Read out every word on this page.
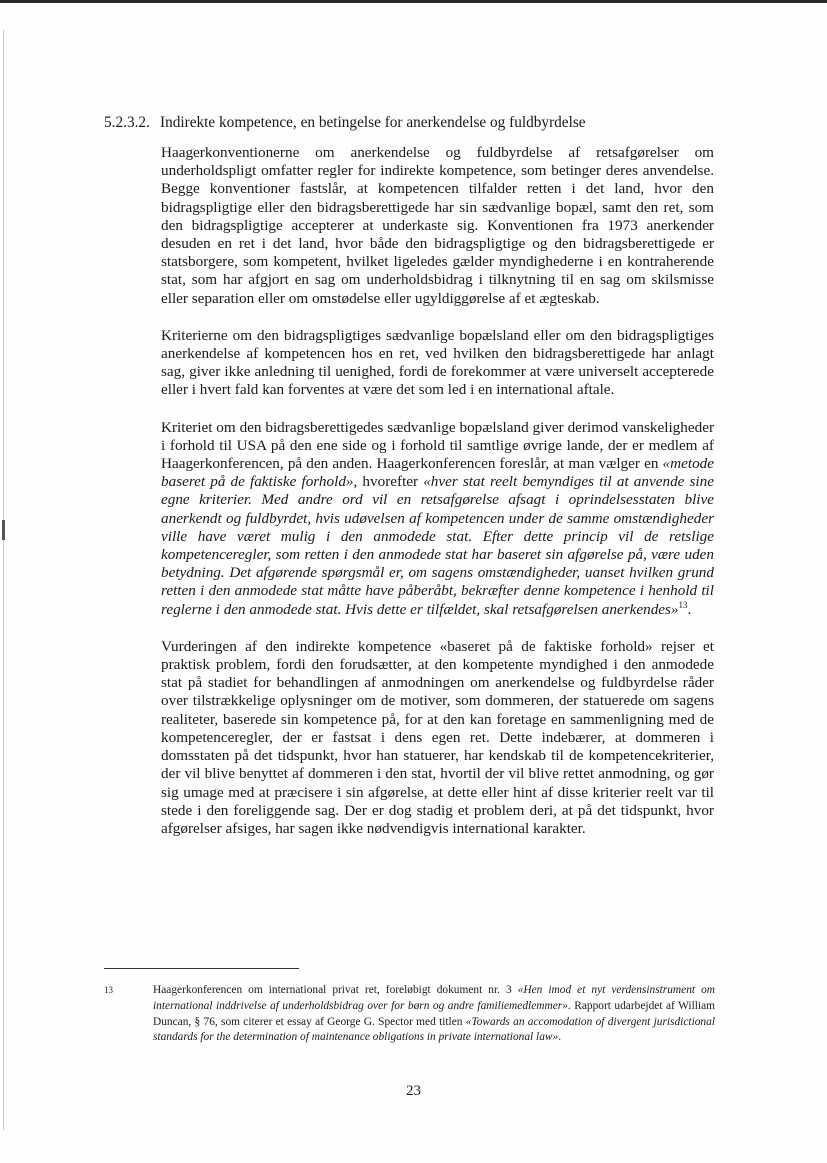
5.2.3.2. Indirekte kompetence, en betingelse for anerkendelse og fuldbyrdelse

Haagerkonventionerne om anerkendelse og fuldbyrdelse af retsafgørelser om underholdspligt omfatter regler for indirekte kompetence, som betinger deres anvendelse. Begge konventioner fastslår, at kompetencen tilfalder retten i det land, hvor den bidragspligtige eller den bidragsberettigede har sin sædvanlige bopæl, samt den ret, som den bidragspligtige accepterer at underkaste sig. Konventionen fra 1973 anerkender desuden en ret i det land, hvor både den bidragspligtige og den bidragsberettigede er statsborgere, som kompetent, hvilket ligeledes gælder myndighederne i en kontraherende stat, som har afgjort en sag om underholdsbidrag i tilknytning til en sag om skilsmisse eller separation eller om omstødelse eller ugyldiggørelse af et ægteskab.

Kriterierne om den bidragspligtiges sædvanlige bopælsland eller om den bidragspligtiges anerkendelse af kompetencen hos en ret, ved hvilken den bidragsberettigede har anlagt sag, giver ikke anledning til uenighed, fordi de forekommer at være universelt accepterede eller i hvert fald kan forventes at være det som led i en international aftale.

Kriteriet om den bidragsberettigedes sædvanlige bopælsland giver derimod vanskeligheder i forhold til USA på den ene side og i forhold til samtlige øvrige lande, der er medlem af Haagerkonferencen, på den anden. Haagerkonferencen foreslår, at man vælger en «metode baseret på de faktiske forhold», hvorefter «hver stat reelt bemyndiges til at anvende sine egne kriterier. Med andre ord vil en retsafgørelse afsagt i oprindelsesstaten blive anerkendt og fuldbyrdet, hvis udøvelsen af kompetencen under de samme omstændigheder ville have været mulig i den anmodede stat. Efter dette princip vil de retslige kompetenceregler, som retten i den anmodede stat har baseret sin afgørelse på, være uden betydning. Det afgørende spørgsmål er, om sagens omstændigheder, uanset hvilken grund retten i den anmodede stat måtte have påberåbt, bekræfter denne kompetence i henhold til reglerne i den anmodede stat. Hvis dette er tilfældet, skal retsafgørelsen anerkendes»$^{13}$.

Vurderingen af den indirekte kompetence «baseret på de faktiske forhold» rejser et praktisk problem, fordi den forudsætter, at den kompetente myndighed i den anmodede stat på stadiet for behandlingen af anmodningen om anerkendelse og fuldbyrdelse råder over tilstrækkelige oplysninger om de motiver, som dommeren, der statuerede om sagens realiteter, baserede sin kompetence på, for at den kan foretage en sammenligning med de kompetenceregler, der er fastsat i dens egen ret. Dette indebærer, at dommeren i domsstaten på det tidspunkt, hvor han statuerer, har kendskab til de kompetencekriterier, der vil blive benyttet af dommeren i den stat, hvortil der vil blive rettet anmodning, og gør sig umage med at præcisere i sin afgørelse, at dette eller hint af disse kriterier reelt var til stede i den foreliggende sag. Der er dog stadig et problem deri, at på det tidspunkt, hvor afgørelser afsiges, har sagen ikke nødvendigvis international karakter.

13	Haagerkonferencen om international privat ret, foreløbigt dokument nr. 3 «Hen imod et nyt verdensinstrument om international inddrivelse af underholdsbidrag over for børn og andre familiemedlemmer». Rapport udarbejdet af William Duncan, § 76, som citerer et essay af George G. Spector med titlen «Towards an accomodation of divergent jurisdictional standards for the determination of maintenance obligations in private international law».
23
